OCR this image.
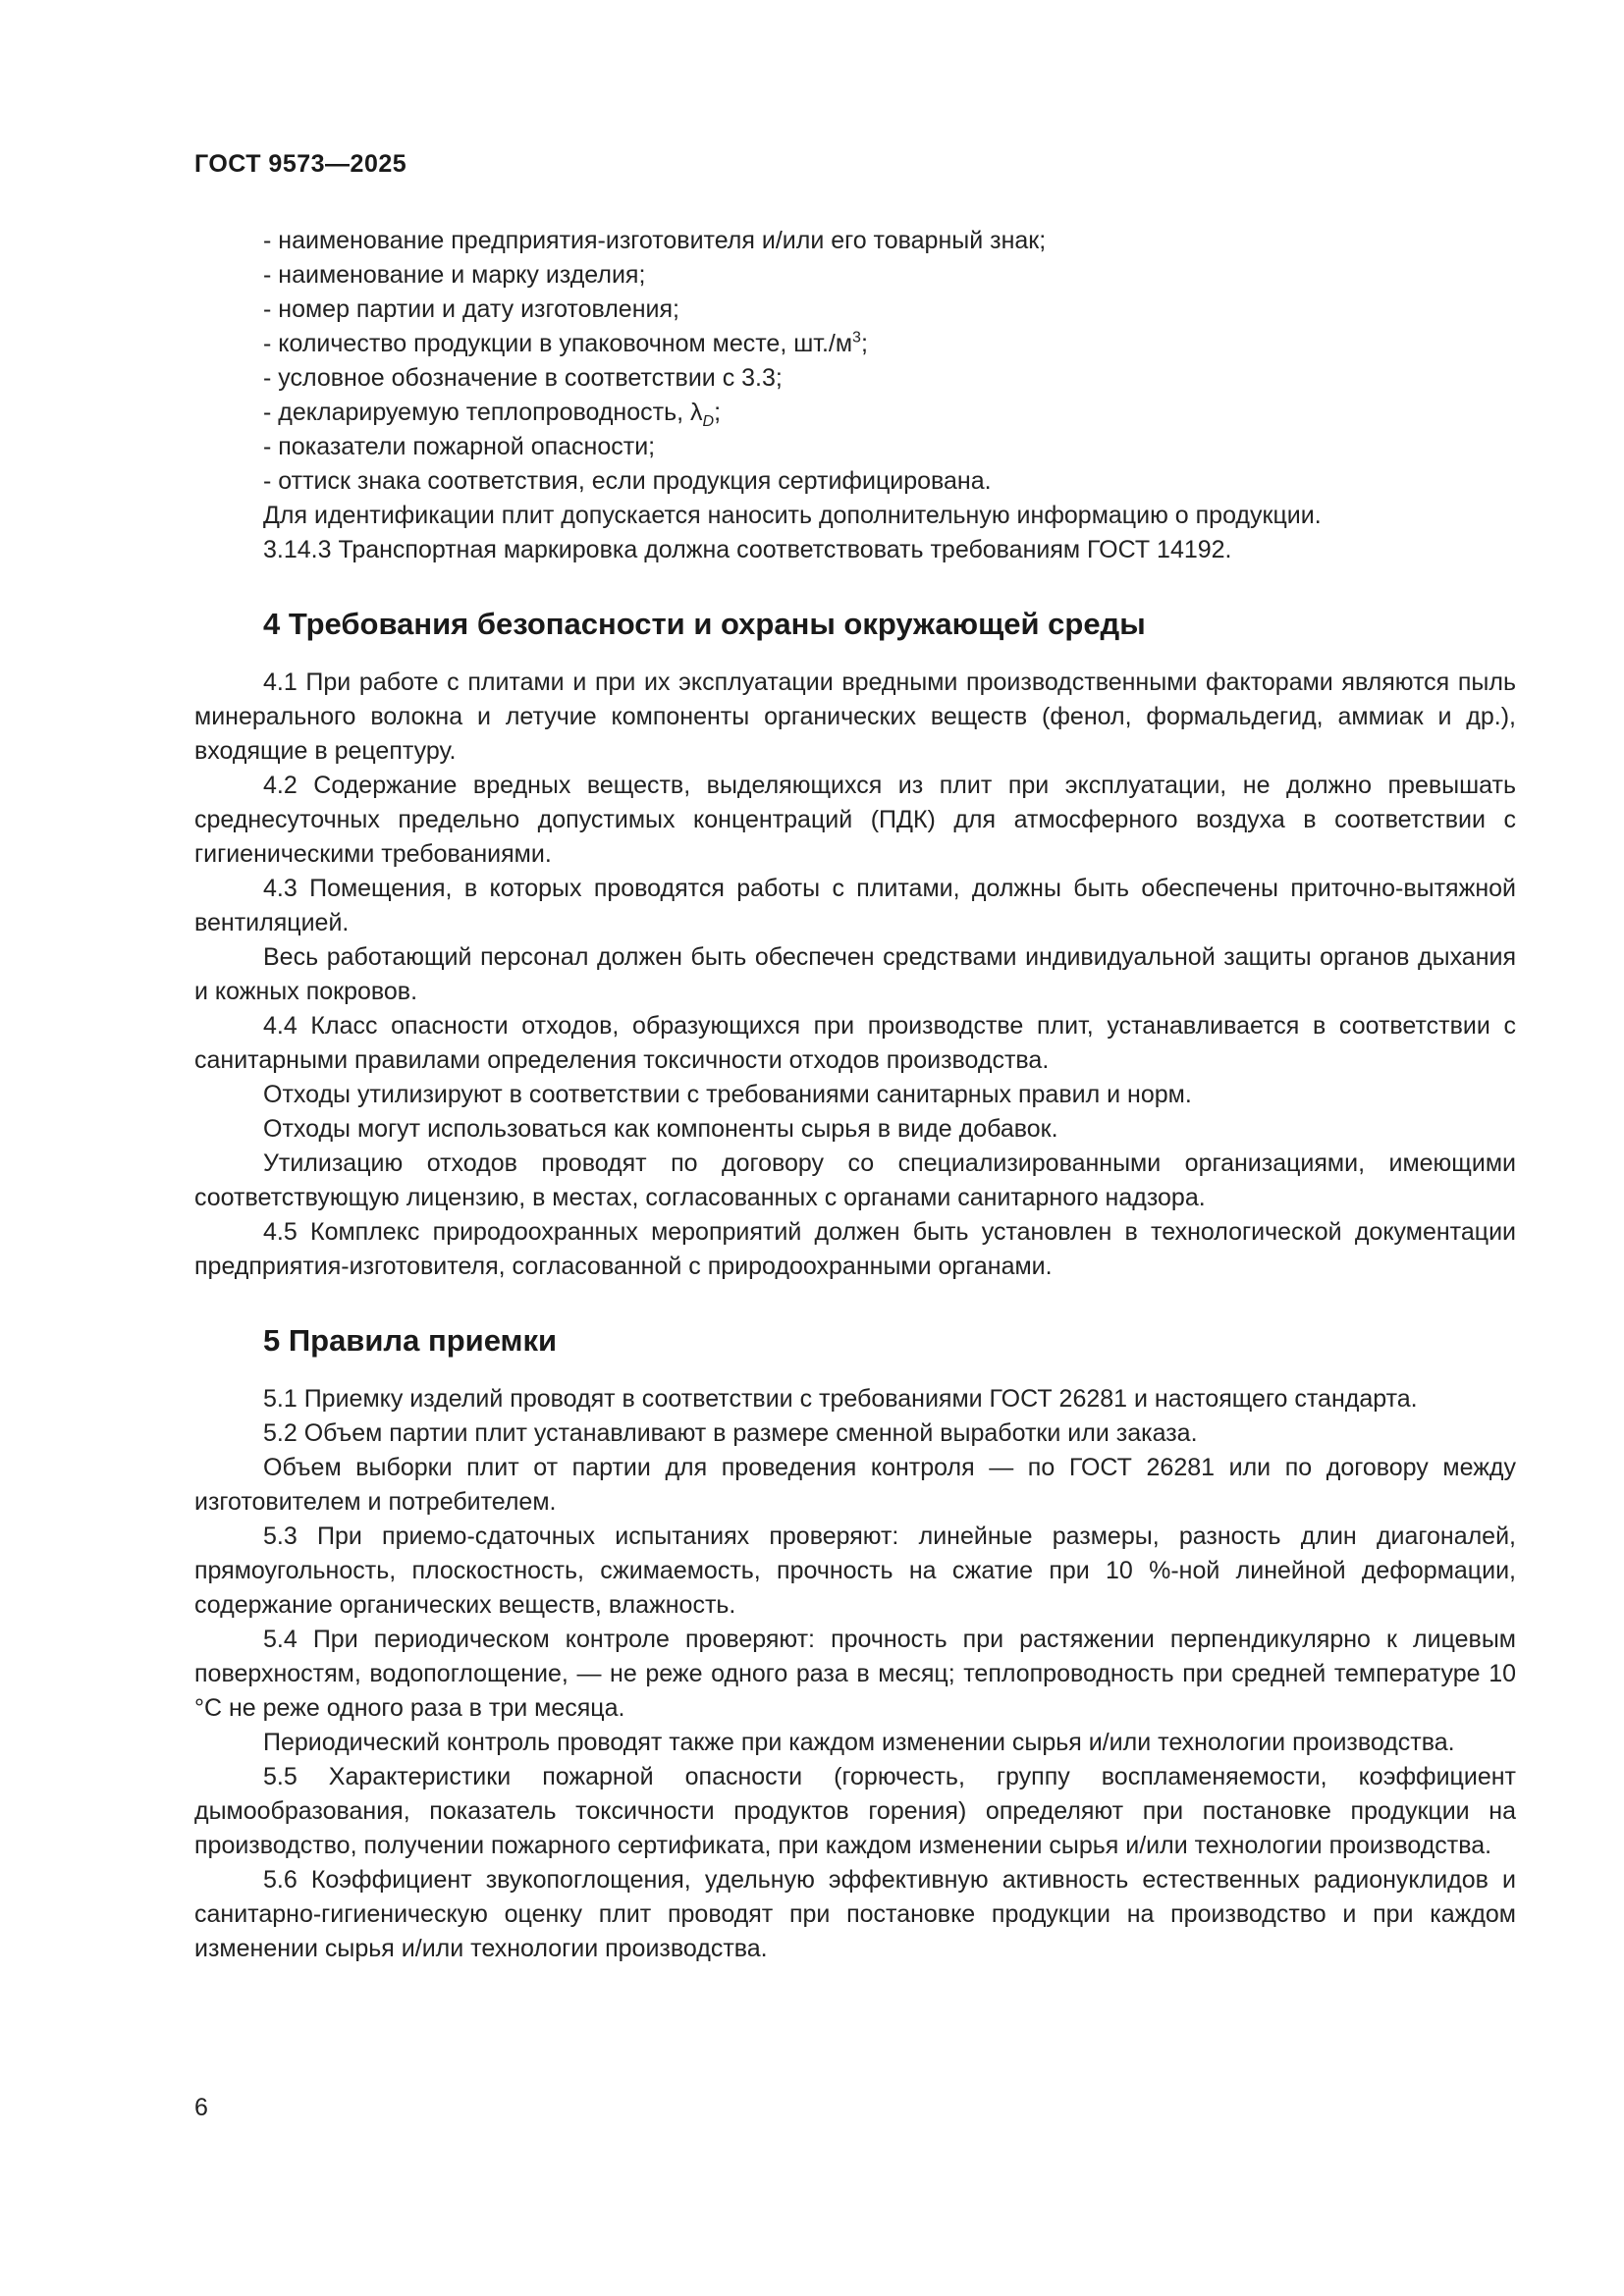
ГОСТ 9573—2025
- наименование предприятия-изготовителя и/или его товарный знак;
- наименование и марку изделия;
- номер партии и дату изготовления;
- количество продукции в упаковочном месте, $шт./м^3$;
- условное обозначение в соответствии с 3.3;
- декларируемую теплопроводность, $\lambda_D$;
- показатели пожарной опасности;
- оттиск знака соответствия, если продукция сертифицирована.

Для идентификации плит допускается наносить дополнительную информацию о продукции.

3.14.3 Транспортная маркировка должна соответствовать требованиям ГОСТ 14192.

4 Требования безопасности и охраны окружающей среды

4.1 При работе с плитами и при их эксплуатации вредными производственными факторами являются пыль минерального волокна и летучие компоненты органических веществ (фенол, формальдегид, аммиак и др.), входящие в рецептуру.

4.2 Содержание вредных веществ, выделяющихся из плит при эксплуатации, не должно превышать среднесуточных предельно допустимых концентраций (ПДК) для атмосферного воздуха в соответствии с гигиеническими требованиями.

4.3 Помещения, в которых проводятся работы с плитами, должны быть обеспечены приточно-вытяжной вентиляцией.

Весь работающий персонал должен быть обеспечен средствами индивидуальной защиты органов дыхания и кожных покровов.

4.4 Класс опасности отходов, образующихся при производстве плит, устанавливается в соответствии с санитарными правилами определения токсичности отходов производства.

Отходы утилизируют в соответствии с требованиями санитарных правил и норм.

Отходы могут использоваться как компоненты сырья в виде добавок.

Утилизацию отходов проводят по договору со специализированными организациями, имеющими соответствующую лицензию, в местах, согласованных с органами санитарного надзора.

4.5 Комплекс природоохранных мероприятий должен быть установлен в технологической документации предприятия-изготовителя, согласованной с природоохранными органами.

5 Правила приемки

5.1 Приемку изделий проводят в соответствии с требованиями ГОСТ 26281 и настоящего стандарта.

5.2 Объем партии плит устанавливают в размере сменной выработки или заказа.

Объем выборки плит от партии для проведения контроля — по ГОСТ 26281 или по договору между изготовителем и потребителем.

5.3 При приемо-сдаточных испытаниях проверяют: линейные размеры, разность длин диагоналей, прямоугольность, плоскостность, сжимаемость, прочность на сжатие при 10 %-ной линейной деформации, содержание органических веществ, влажность.

5.4 При периодическом контроле проверяют: прочность при растяжении перпендикулярно к лицевым поверхностям, водопоглощение, — не реже одного раза в месяц; теплопроводность при средней температуре 10 °С не реже одного раза в три месяца.

Периодический контроль проводят также при каждом изменении сырья и/или технологии производства.

5.5 Характеристики пожарной опасности (горючесть, группу воспламеняемости, коэффициент дымообразования, показатель токсичности продуктов горения) определяют при постановке продукции на производство, получении пожарного сертификата, при каждом изменении сырья и/или технологии производства.

5.6 Коэффициент звукопоглощения, удельную эффективную активность естественных радионуклидов и санитарно-гигиеническую оценку плит проводят при постановке продукции на производство и при каждом изменении сырья и/или технологии производства.

6
